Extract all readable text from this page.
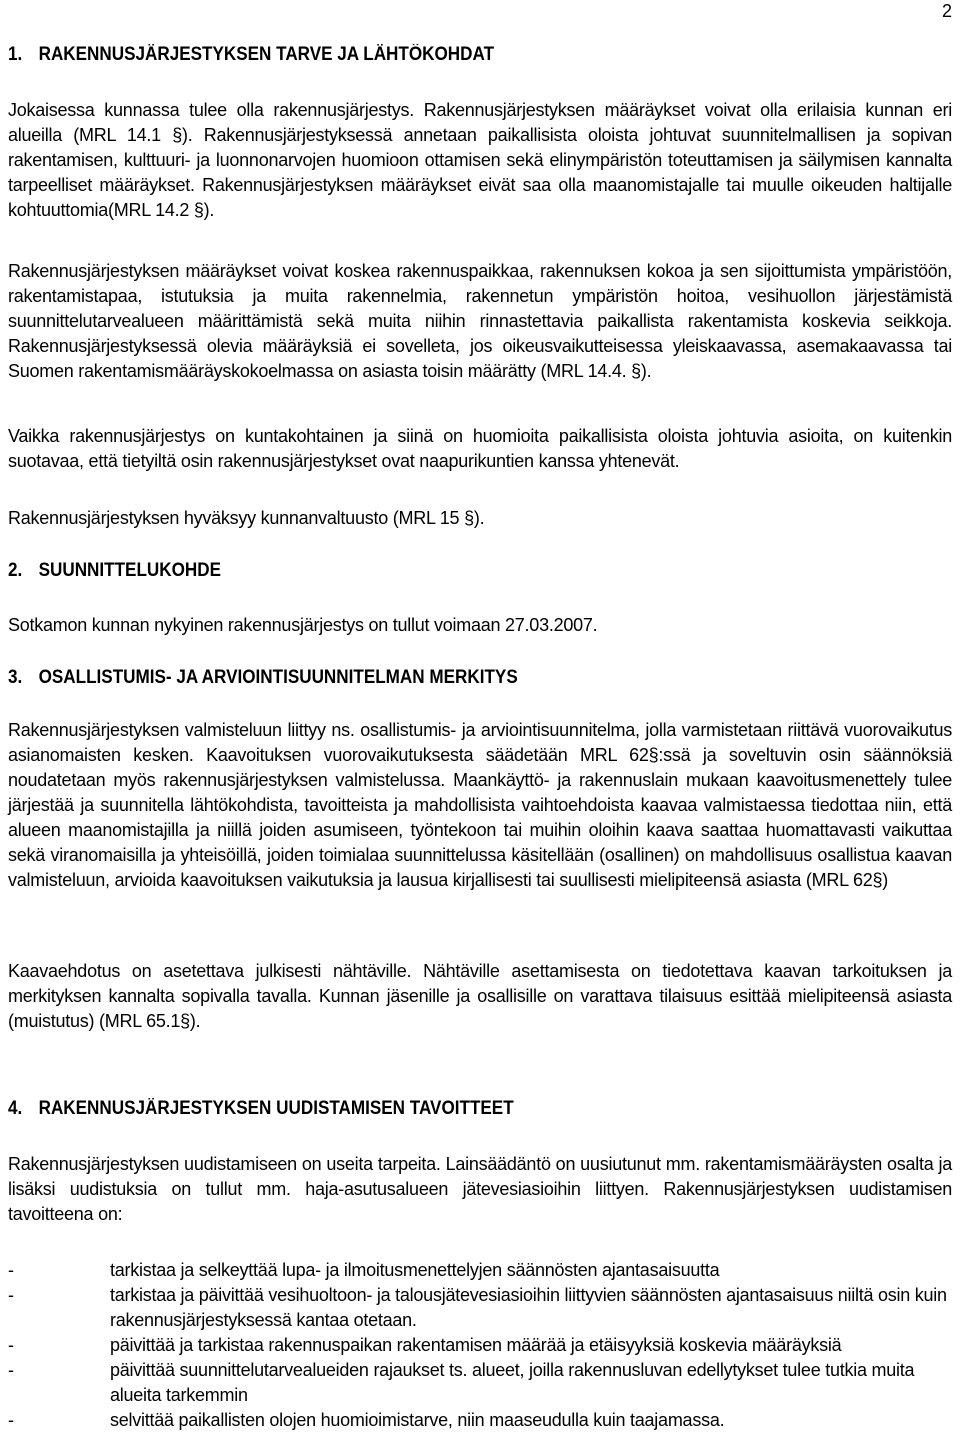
2
1. RAKENNUSJÄRJESTYKSEN TARVE JA LÄHTÖKOHDAT

Jokaisessa kunnassa tulee olla rakennusjärjestys. Rakennusjärjestyksen määräykset voivat olla erilaisia kunnan eri alueilla (MRL 14.1 §). Rakennusjärjestyksessä annetaan paikallisista oloista johtuvat suunnitelmallisen ja sopivan rakentamisen, kulttuuri- ja luonnonarvojen huomioon ottamisen sekä elinympäristön toteuttamisen ja säilymisen kannalta tarpeelliset määräykset. Rakennusjärjestyksen määräykset eivät saa olla maanomistajalle tai muulle oikeuden haltijalle kohtuuttomia(MRL 14.2 §).

Rakennusjärjestyksen määräykset voivat koskea rakennuspaikkaa, rakennuksen kokoa ja sen sijoittumista ympäristöön, rakentamistapaa, istutuksia ja muita rakennelmia, rakennetun ympäristön hoitoa, vesihuollon järjestämistä suunnittelutarvealueen määrittämistä sekä muita niihin rinnastettavia paikallista rakentamista koskevia seikkoja. Rakennusjärjestyksessä olevia määräyksiä ei sovelleta, jos oikeusvaikutteisessa yleiskaavassa, asemakaavassa tai Suomen rakentamismääräyskokoelmassa on asiasta toisin määrätty (MRL 14.4. §).

Vaikka rakennusjärjestys on kuntakohtainen ja siinä on huomioita paikallisista oloista johtuvia asioita, on kuitenkin suotavaa, että tietyiltä osin rakennusjärjestykset ovat naapurikuntien kanssa yhtenevät.

Rakennusjärjestyksen hyväksyy kunnanvaltuusto (MRL 15 §).

2. SUUNNITTELUKOHDE

Sotkamon kunnan nykyinen rakennusjärjestys on tullut voimaan 27.03.2007.

3. OSALLISTUMIS- JA ARVIOINTISUUNNITELMAN MERKITYS

Rakennusjärjestyksen valmisteluun liittyy ns. osallistumis- ja arviointisuunnitelma, jolla varmistetaan riittävä vuorovaikutus asianomaisten kesken. Kaavoituksen vuorovaikutuksesta säädetään MRL 62§:ssä ja soveltuvin osin säännöksiä noudatetaan myös rakennusjärjestyksen valmistelussa. Maankäyttö- ja rakennuslain mukaan kaavoitusmenettely tulee järjestää ja suunnitella lähtökohdista, tavoitteista ja mahdollisista vaihtoehdoista kaavaa valmistaessa tiedottaa niin, että alueen maanomistajilla ja niillä joiden asumiseen, työntekoon tai muihin oloihin kaava saattaa huomattavasti vaikuttaa sekä viranomaisilla ja yhteisöillä, joiden toimialaa suunnittelussa käsitellään (osallinen) on mahdollisuus osallistua kaavan valmisteluun, arvioida kaavoituksen vaikutuksia ja lausua kirjallisesti tai suullisesti mielipiteensä asiasta (MRL 62§)

Kaavaehdotus on asetettava julkisesti nähtäville. Nähtäville asettamisesta on tiedotettava kaavan tarkoituksen ja merkityksen kannalta sopivalla tavalla. Kunnan jäsenille ja osallisille on varattava tilaisuus esittää mielipiteensä asiasta (muistutus) (MRL 65.1§).

4. RAKENNUSJÄRJESTYKSEN UUDISTAMISEN TAVOITTEET

Rakennusjärjestyksen uudistamiseen on useita tarpeita. Lainsäädäntö on uusiutunut mm. rakentamismääräysten osalta ja lisäksi uudistuksia on tullut mm. haja-asutusalueen jätevesiasioihin liittyen. Rakennusjärjestyksen uudistamisen tavoitteena on:

-	tarkistaa ja selkeyttää lupa- ja ilmoitusmenettelyjen säännösten ajantasaisuutta
-	tarkistaa ja päivittää vesihuoltoon- ja talousjätevesiasioihin liittyvien säännösten ajantasaisuus niiltä osin kuin rakennusjärjestyksessä kantaa otetaan.
-	päivittää ja tarkistaa rakennuspaikan rakentamisen määrää ja etäisyyksiä koskevia määräyksiä
-	päivittää suunnittelutarvealueiden rajaukset ts. alueet, joilla rakennusluvan edellytykset tulee tutkia muita alueita tarkemmin
-	selvittää paikallisten olojen huomioimistarve, niin maaseudulla kuin taajamassa.
